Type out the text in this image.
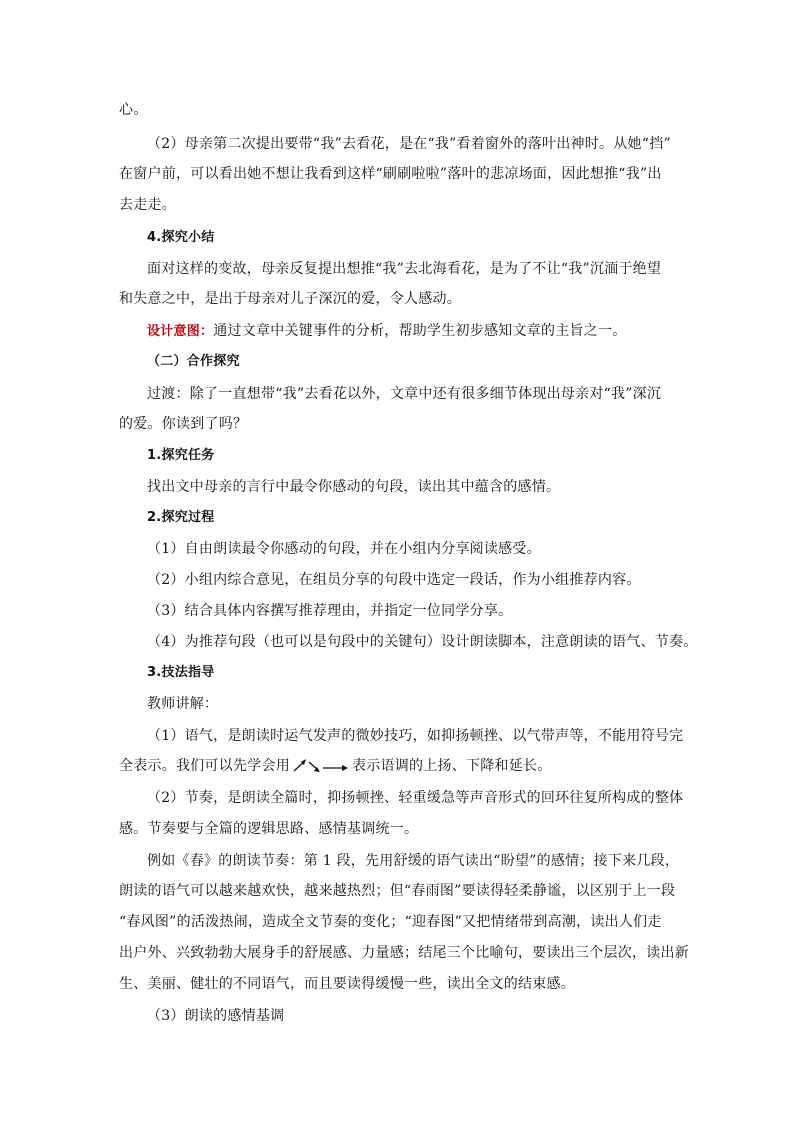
心。
（2）母亲第二次提出要带“我”去看花，是在“我”看着窗外的落叶出神时。从她“挡”
在窗户前，可以看出她不想让我看到这样“刷刷啦啦”落叶的悲凉场面，因此想推“我”出
去走走。
4.探究小结
面对这样的变故，母亲反复提出想推“我”去北海看花，是为了不让“我”沉湎于绝望
和失意之中，是出于母亲对儿子深沉的爱，令人感动。
设计意图：通过文章中关键事件的分析，帮助学生初步感知文章的主旨之一。
（二）合作探究
过渡：除了一直想带“我”去看花以外，文章中还有很多细节体现出母亲对“我”深沉
的爱。你读到了吗？
1.探究任务
找出文中母亲的言行中最令你感动的句段，读出其中蕴含的感情。
2.探究过程
（1）自由朗读最令你感动的句段，并在小组内分享阅读感受。
（2）小组内综合意见，在组员分享的句段中选定一段话，作为小组推荐内容。
（3）结合具体内容撰写推荐理由，并指定一位同学分享。
（4）为推荐句段（也可以是句段中的关键句）设计朗读脚本，注意朗读的语气、节奏。
3.技法指导
教师讲解：
（1）语气，是朗读时运气发声的微妙技巧，如抑扬顿挫、以气带声等，不能用符号完
全表示。我们可以先学会用	表示语调的上扬、下降和延长。
（2）节奏，是朗读全篇时，抑扬顿挫、轻重缓急等声音形式的回环往复所构成的整体
感。节奏要与全篇的逻辑思路、感情基调统一。
例如《春》的朗读节奏：第 1 段，先用舒缓的语气读出“盼望”的感情；接下来几段，
朗读的语气可以越来越欢快，越来越热烈；但“春雨图”要读得轻柔静谧，以区别于上一段
“春风图”的活泼热闹，造成全文节奏的变化；“迎春图”又把情绪带到高潮，读出人们走
出户外、兴致勃勃大展身手的舒展感、力量感；结尾三个比喻句，要读出三个层次，读出新
生、美丽、健壮的不同语气，而且要读得缓慢一些，读出全文的结束感。
（3）朗读的感情基调
